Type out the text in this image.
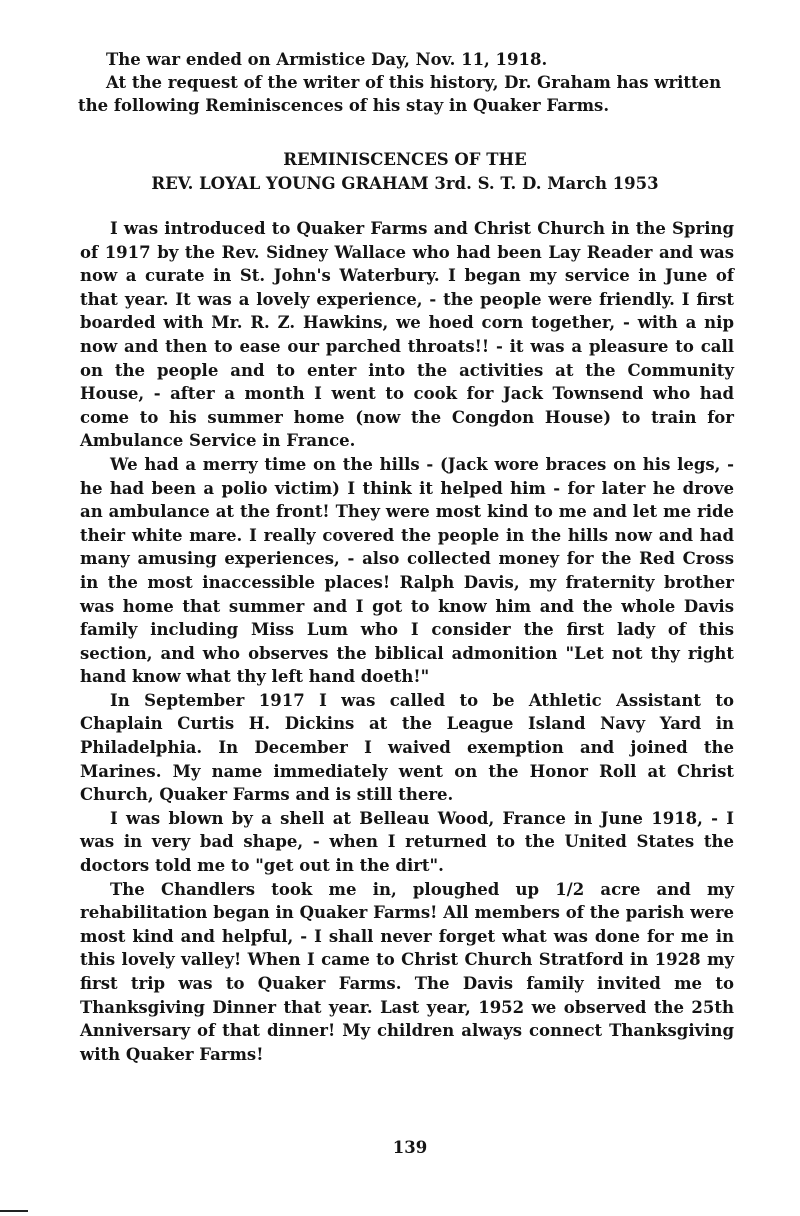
The war ended on Armistice Day, Nov. 11, 1918.

At the request of the writer of this history, Dr. Graham has written the following Reminiscences of his stay in Quaker Farms.

REMINISCENCES OF THE
REV. LOYAL YOUNG GRAHAM 3rd. S. T. D. March 1953

I was introduced to Quaker Farms and Christ Church in the Spring of 1917 by the Rev. Sidney Wallace who had been Lay Reader and was now a curate in St. John's Waterbury. I began my service in June of that year. It was a lovely experience, - the people were friendly. I first boarded with Mr. R. Z. Hawkins, we hoed corn together, - with a nip now and then to ease our parched throats!! - it was a pleasure to call on the people and to enter into the activities at the Community House, - after a month I went to cook for Jack Townsend who had come to his summer home (now the Congdon House) to train for Ambulance Service in France.

We had a merry time on the hills - (Jack wore braces on his legs, - he had been a polio victim) I think it helped him - for later he drove an ambulance at the front! They were most kind to me and let me ride their white mare. I really covered the people in the hills now and had many amusing experiences, - also collected money for the Red Cross in the most inaccessible places! Ralph Davis, my fraternity brother was home that summer and I got to know him and the whole Davis family including Miss Lum who I consider the first lady of this section, and who observes the biblical admonition "Let not thy right hand know what thy left hand doeth!"

In September 1917 I was called to be Athletic Assistant to Chaplain Curtis H. Dickins at the League Island Navy Yard in Philadelphia. In December I waived exemption and joined the Marines. My name immediately went on the Honor Roll at Christ Church, Quaker Farms and is still there.

I was blown by a shell at Belleau Wood, France in June 1918, - I was in very bad shape, - when I returned to the United States the doctors told me to "get out in the dirt".

The Chandlers took me in, ploughed up 1/2 acre and my rehabilitation began in Quaker Farms! All members of the parish were most kind and helpful, - I shall never forget what was done for me in this lovely valley! When I came to Christ Church Stratford in 1928 my first trip was to Quaker Farms. The Davis family invited me to Thanksgiving Dinner that year. Last year, 1952 we observed the 25th Anniversary of that dinner! My children always connect Thanksgiving with Quaker Farms!

139
